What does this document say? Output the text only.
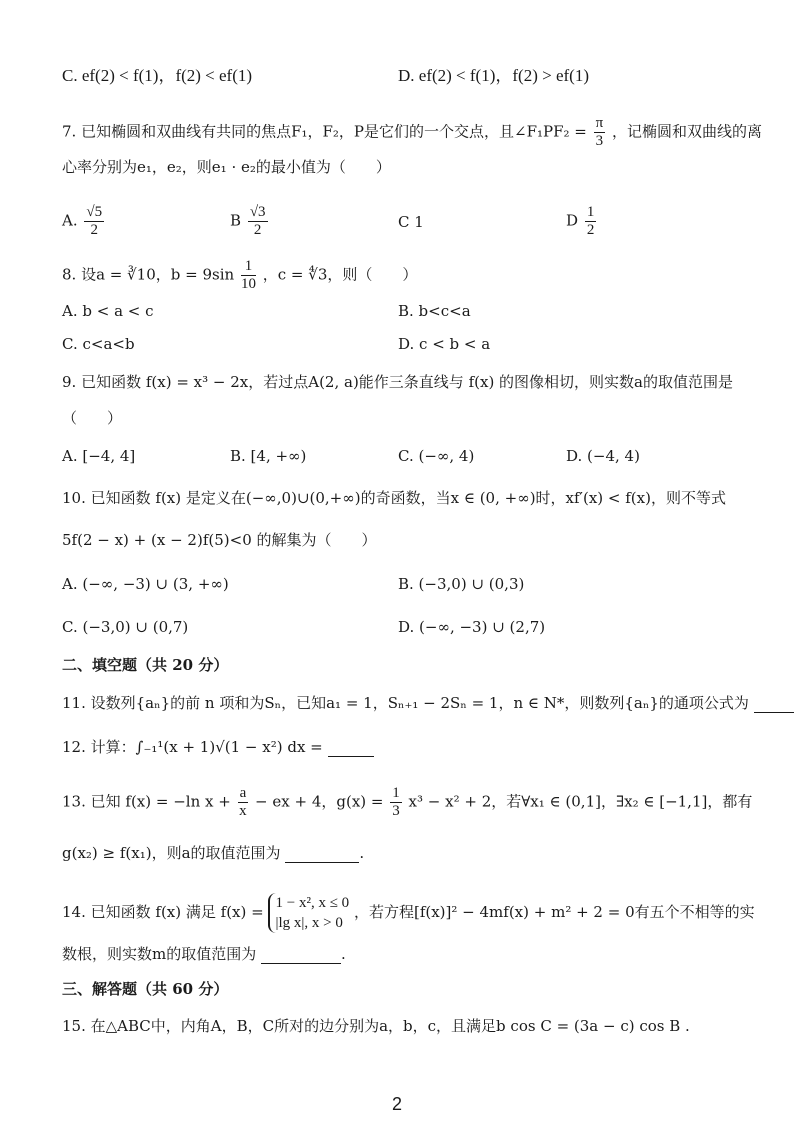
C. ef(2) < f(1)，f(2) < ef(1)	D. ef(2) < f(1)，f(2) > ef(1)
7. 已知椭圆和双曲线有共同的焦点F₁，F₂，P是它们的一个交点，且∠F₁PF₂ = $\frac{\pi}{3}$ ，记椭圆和双曲线的离
心率分别为e₁，e₂，则e₁ · e₂的最小值为（　　）
A. $\frac{√5}{2}$	B $\frac{√3}{2}$	C 1	D $\frac{1}{2}$
8. 设a = ∛10，$b = 9\sin \frac{1}{10}$ ，c = ∜3，则（　　）
A. b < a < c	B. b<c<a
C. c<a<b	D. c < b < a
9. 已知函数 f(x) = x³ − 2x，若过点A(2, a)能作三条直线与 f(x) 的图像相切，则实数a的取值范围是
（　　）
A. [−4, 4]	B. [4, +∞)	C. (−∞, 4)	D. (−4, 4)
10. 已知函数 f(x) 是定义在(−∞,0)∪(0,+∞)的奇函数，当x ∈ (0, +∞)时，xf′(x) < f(x)，则不等式
5f(2 − x) + (x − 2)f(5)<0 的解集为（　　）
A. (−∞, −3) ∪ (3, +∞)	B. (−3,0) ∪ (0,3)
C. (−3,0) ∪ (0,7)	D. (−∞, −3) ∪ (2,7)
二、填空题（共 20 分）
11. 设数列{aₙ}的前 n 项和为Sₙ，已知a₁ = 1，Sₙ₊₁ − 2Sₙ = 1，n ∈ N*，则数列{aₙ}的通项公式为
12. 计算：∫₋₁¹(x + 1)√(1 − x²) dx =
13. 已知 f(x) = −ln $x + \frac{a}{x}$ − ex + 4，$g(x) = \frac{1}{3} x^3 - x^2 + 2$，若∀x₁ ∈ (0,1]，∃x₂ ∈ [−1,1]，都有
g(x₂) ≥ f(x₁)，则a的取值范围为	.
14. 已知函数 f(x) 满足 f(x) = 1 − x², x ≤ 0
|lg x|, x > 0
，若方程[f(x)]² − 4mf(x) + m² + 2 = 0有五个不相等的实
数根，则实数m的取值范围为	.
三、解答题（共 60 分）
15. 在△ABC中，内角A，B，C所对的边分别为a，b，c，且满足b cos C = (3a − c) cos B .
2
